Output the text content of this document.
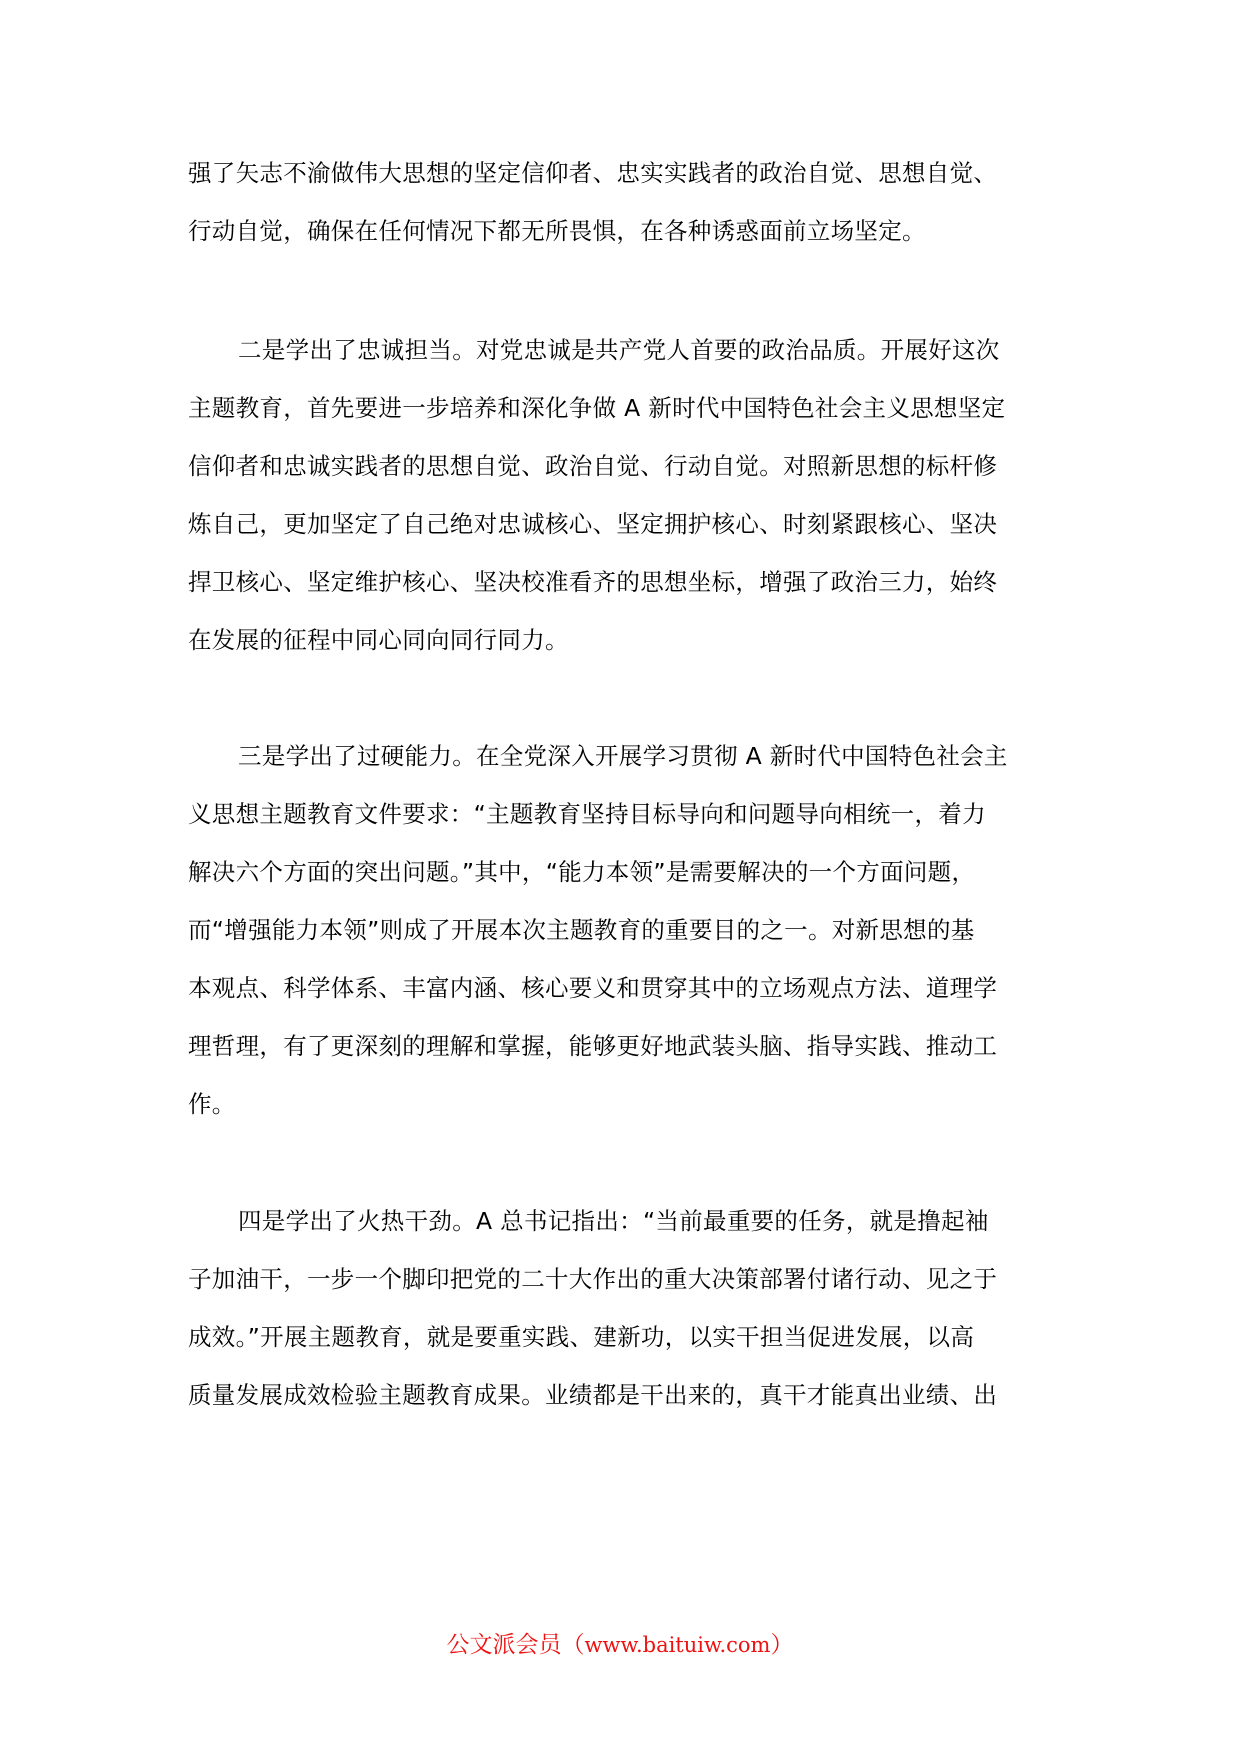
强了矢志不渝做伟大思想的坚定信仰者、忠实实践者的政治自觉、思想自觉、
行动自觉，确保在任何情况下都无所畏惧，在各种诱惑面前立场坚定。
二是学出了忠诚担当。对党忠诚是共产党人首要的政治品质。开展好这次
主题教育，首先要进一步培养和深化争做 A 新时代中国特色社会主义思想坚定
信仰者和忠诚实践者的思想自觉、政治自觉、行动自觉。对照新思想的标杆修
炼自己，更加坚定了自己绝对忠诚核心、坚定拥护核心、时刻紧跟核心、坚决
捍卫核心、坚定维护核心、坚决校准看齐的思想坐标，增强了政治三力，始终
在发展的征程中同心同向同行同力。
三是学出了过硬能力。在全党深入开展学习贯彻 A 新时代中国特色社会主
义思想主题教育文件要求：“主题教育坚持目标导向和问题导向相统一，着力
解决六个方面的突出问题。”其中，“能力本领”是需要解决的一个方面问题，
而“增强能力本领”则成了开展本次主题教育的重要目的之一。对新思想的基
本观点、科学体系、丰富内涵、核心要义和贯穿其中的立场观点方法、道理学
理哲理，有了更深刻的理解和掌握，能够更好地武装头脑、指导实践、推动工
作。
四是学出了火热干劲。A 总书记指出：“当前最重要的任务，就是撸起袖
子加油干，一步一个脚印把党的二十大作出的重大决策部署付诸行动、见之于
成效。”开展主题教育，就是要重实践、建新功，以实干担当促进发展，以高
质量发展成效检验主题教育成果。业绩都是干出来的，真干才能真出业绩、出
公文派会员（www.baituiw.com）
